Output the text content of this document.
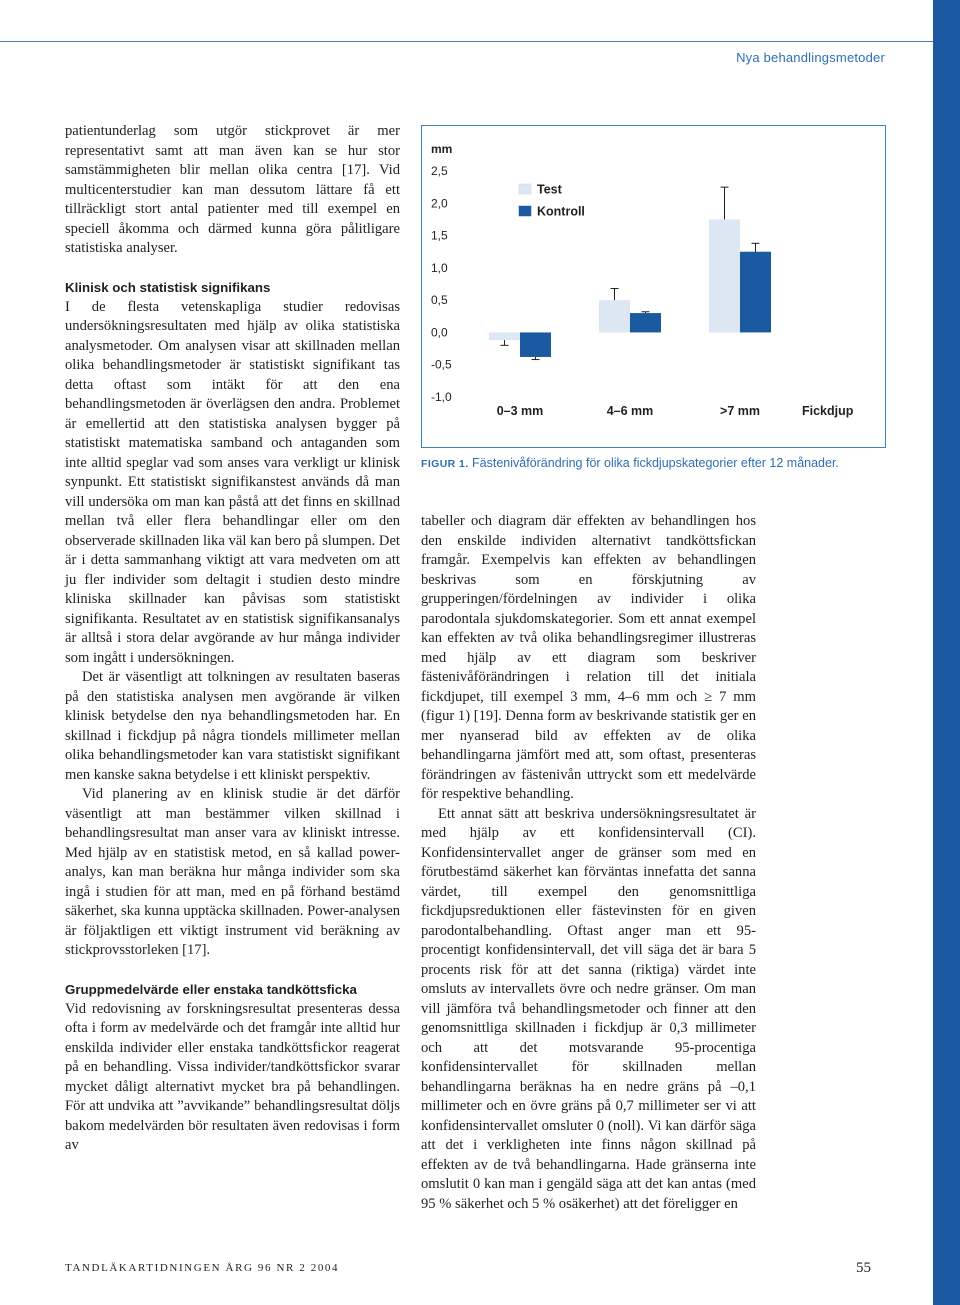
Nya behandlingsmetoder

patientunderlag som utgör stickprovet är mer representativt samt att man även kan se hur stor samstämmigheten blir mellan olika centra [17]. Vid multicenterstudier kan man dessutom lättare få ett tillräckligt stort antal patienter med till exempel en speciell åkomma och därmed kunna göra pålitligare statistiska analyser.

Klinisk och statistisk signifikans

I de flesta vetenskapliga studier redovisas undersökningsresultaten med hjälp av olika statistiska analysmetoder. Om analysen visar att skillnaden mellan olika behandlingsmetoder är statistiskt signifikant tas detta oftast som intäkt för att den ena behandlingsmetoden är överlägsen den andra. Problemet är emellertid att den statistiska analysen bygger på statistiskt matematiska samband och antaganden som inte alltid speglar vad som anses vara verkligt ur klinisk synpunkt. Ett statistiskt signifikanstest används då man vill undersöka om man kan påstå att det finns en skillnad mellan två eller flera behandlingar eller om den observerade skillnaden lika väl kan bero på slumpen. Det är i detta sammanhang viktigt att vara medveten om att ju fler individer som deltagit i studien desto mindre kliniska skillnader kan påvisas som statistiskt signifikanta. Resultatet av en statistisk signifikansanalys är alltså i stora delar avgörande av hur många individer som ingått i undersökningen.

Det är väsentligt att tolkningen av resultaten baseras på den statistiska analysen men avgörande är vilken klinisk betydelse den nya behandlingsmetoden har. En skillnad i fickdjup på några tiondels millimeter mellan olika behandlingsmetoder kan vara statistiskt signifikant men kanske sakna betydelse i ett kliniskt perspektiv.

Vid planering av en klinisk studie är det därför väsentligt att man bestämmer vilken skillnad i behandlingsresultat man anser vara av kliniskt intresse. Med hjälp av en statistisk metod, en så kallad power-analys, kan man beräkna hur många individer som ska ingå i studien för att man, med en på förhand bestämd säkerhet, ska kunna upptäcka skillnaden. Power-analysen är följaktligen ett viktigt instrument vid beräkning av stickprovsstorleken [17].

Gruppmedelvärde eller enstaka tandköttsficka

Vid redovisning av forskningsresultat presenteras dessa ofta i form av medelvärde och det framgår inte alltid hur enskilda individer eller enstaka tandköttsfickor reagerat på en behandling. Vissa individer/tandköttsfickor svarar mycket dåligt alternativt mycket bra på behandlingen. För att undvika att ”avvikande” behandlingsresultat döljs bakom medelvärden bör resultaten även redovisas i form av

mm
2,5
2,0
1,5
1,0
0,5
0,0
-0,5
-1,0
Test
Kontroll
0–3 mm	4–6 mm	>7 mm	Fickdjup
FIGUR 1. Fästenivåförändring för olika fickdjupskategorier efter 12 månader.

tabeller och diagram där effekten av behandlingen hos den enskilde individen alternativt tandköttsfickan framgår. Exempelvis kan effekten av behandlingen beskrivas som en förskjutning av grupperingen/fördelningen av individer i olika parodontala sjukdomskategorier. Som ett annat exempel kan effekten av två olika behandlingsregimer illustreras med hjälp av ett diagram som beskriver fästenivåförändringen i relation till det initiala fickdjupet, till exempel 3 mm, 4–6 mm och ≥ 7 mm (figur 1) [19]. Denna form av beskrivande statistik ger en mer nyanserad bild av effekten av de olika behandlingarna jämfört med att, som oftast, presenteras förändringen av fästenivån uttryckt som ett medelvärde för respektive behandling.

Ett annat sätt att beskriva undersökningsresultatet är med hjälp av ett konfidensintervall (CI). Konfidensintervallet anger de gränser som med en förutbestämd säkerhet kan förväntas innefatta det sanna värdet, till exempel den genomsnittliga fickdjupsreduktionen eller fästevinsten för en given parodontalbehandling. Oftast anger man ett 95-procentigt konfidensintervall, det vill säga det är bara 5 procents risk för att det sanna (riktiga) värdet inte omsluts av intervallets övre och nedre gränser. Om man vill jämföra två behandlingsmetoder och finner att den genomsnittliga skillnaden i fickdjup är 0,3 millimeter och att det motsvarande 95-procentiga konfidensintervallet för skillnaden mellan behandlingarna beräknas ha en nedre gräns på –0,1 millimeter och en övre gräns på 0,7 millimeter ser vi att konfidensintervallet omsluter 0 (noll). Vi kan därför säga att det i verkligheten inte finns någon skillnad på effekten av de två behandlingarna. Hade gränserna inte omslutit 0 kan man i gengäld säga att det kan antas (med 95 % säkerhet och 5 % osäkerhet) att det föreligger en

TANDLÄKARTIDNINGEN ÅRG 96 NR 2 2004	55
